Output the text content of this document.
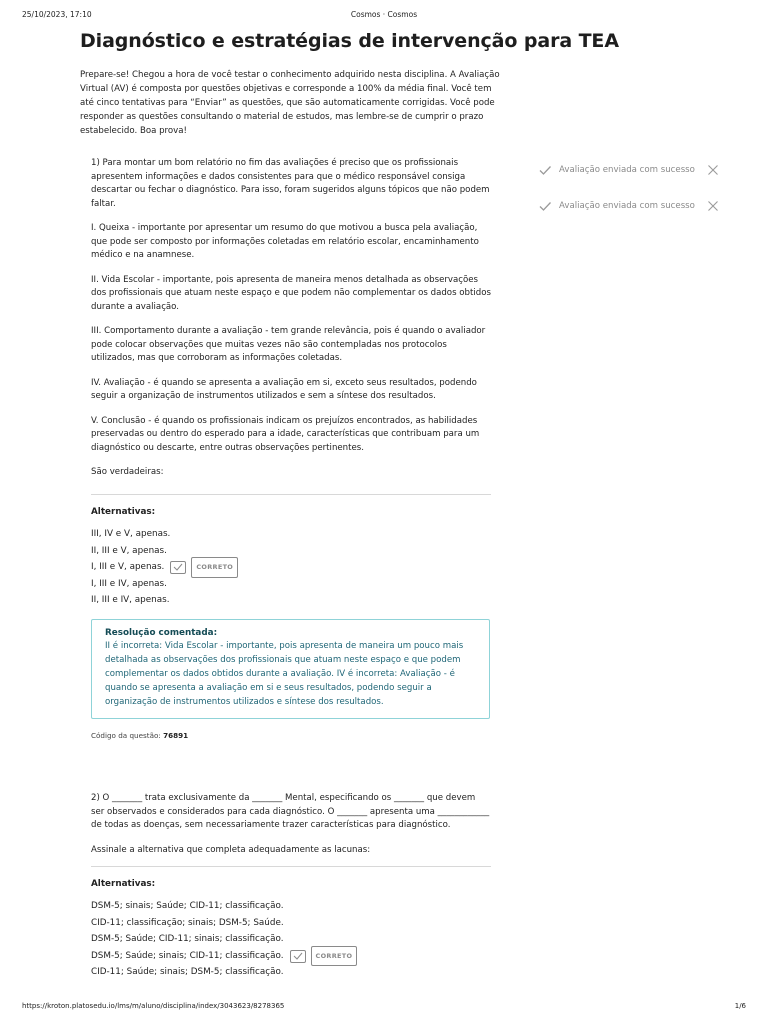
25/10/2023, 17:10	Cosmos · Cosmos
Diagnóstico e estratégias de intervenção para TEA

Prepare-se! Chegou a hora de você testar o conhecimento adquirido nesta disciplina. A Avaliação Virtual (AV) é composta por questões objetivas e corresponde a 100% da média final. Você tem até cinco tentativas para “Enviar” as questões, que são automaticamente corrigidas. Você pode responder as questões consultando o material de estudos, mas lembre-se de cumprir o prazo estabelecido. Boa prova!

Avaliação enviada com sucesso
Avaliação enviada com sucesso

1) Para montar um bom relatório no fim das avaliações é preciso que os profissionais apresentem informações e dados consistentes para que o médico responsável consiga descartar ou fechar o diagnóstico. Para isso, foram sugeridos alguns tópicos que não podem faltar.

I. Queixa - importante por apresentar um resumo do que motivou a busca pela avaliação, que pode ser composto por informações coletadas em relatório escolar, encaminhamento médico e na anamnese.

II. Vida Escolar - importante, pois apresenta de maneira menos detalhada as observações dos profissionais que atuam neste espaço e que podem não complementar os dados obtidos durante a avaliação.

III. Comportamento durante a avaliação - tem grande relevância, pois é quando o avaliador pode colocar observações que muitas vezes não são contempladas nos protocolos utilizados, mas que corroboram as informações coletadas.

IV. Avaliação - é quando se apresenta a avaliação em si, exceto seus resultados, podendo seguir a organização de instrumentos utilizados e sem a síntese dos resultados.

V. Conclusão - é quando os profissionais indicam os prejuízos encontrados, as habilidades preservadas ou dentro do esperado para a idade, características que contribuam para um diagnóstico ou descarte, entre outras observações pertinentes.

São verdadeiras:

Alternativas:

III, IV e V, apenas.
II, III e V, apenas.
I, III e V, apenas.	CORRETO
I, III e IV, apenas.
II, III e IV, apenas.

Resolução comentada:

II é incorreta: Vida Escolar - importante, pois apresenta de maneira um pouco mais detalhada as observações dos profissionais que atuam neste espaço e que podem complementar os dados obtidos durante a avaliação. IV é incorreta: Avaliação - é quando se apresenta a avaliação em si e seus resultados, podendo seguir a organização de instrumentos utilizados e síntese dos resultados.

Código da questão: 76891

2) O _______ trata exclusivamente da _______ Mental, especificando os _______ que devem ser observados e considerados para cada diagnóstico. O _______ apresenta uma ____________ de todas as doenças, sem necessariamente trazer características para diagnóstico.

Assinale a alternativa que completa adequadamente as lacunas:

Alternativas:

DSM-5; sinais; Saúde; CID-11; classificação.
CID-11; classificação; sinais; DSM-5; Saúde.
DSM-5; Saúde; CID-11; sinais; classificação.
DSM-5; Saúde; sinais; CID-11; classificação.	CORRETO
CID-11; Saúde; sinais; DSM-5; classificação.
https://kroton.platosedu.io/lms/m/aluno/disciplina/index/3043623/8278365	1/6
